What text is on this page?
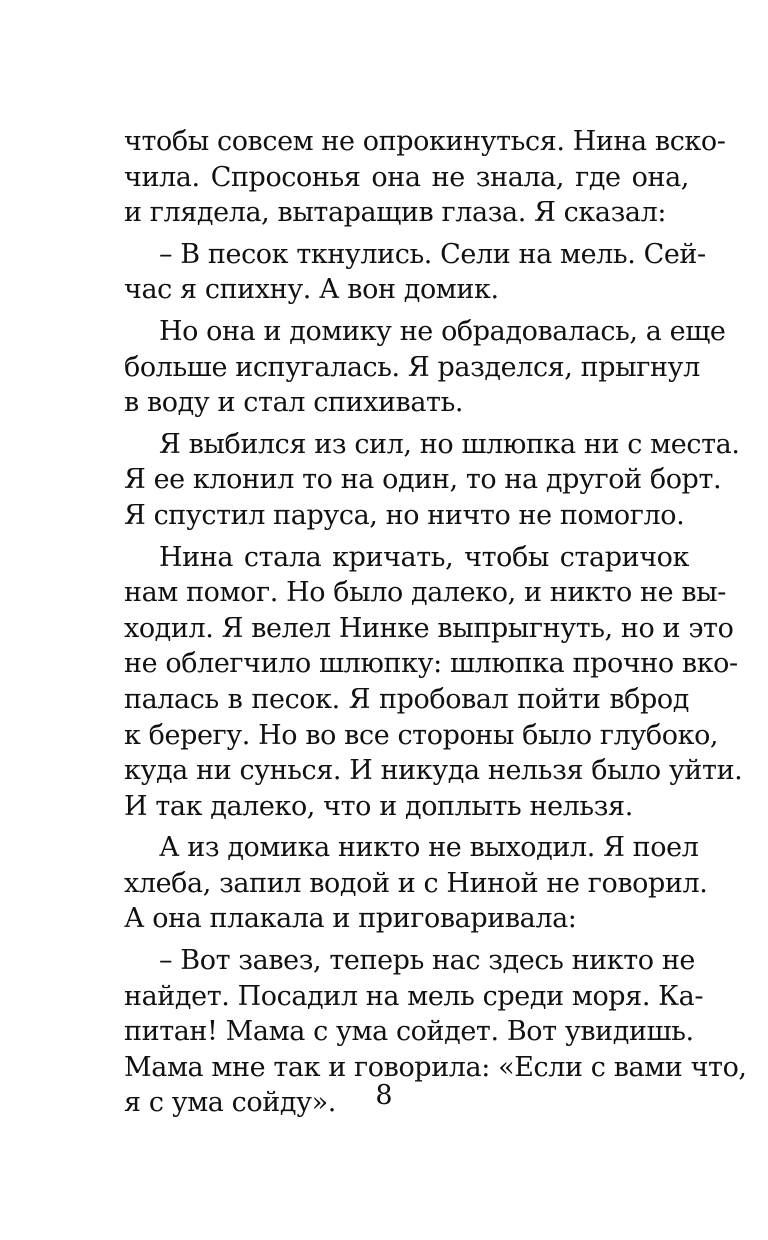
чтобы совсем не опрокинуться. Нина вско-
чила. Спросонья она не знала, где она,
и глядела, вытаращив глаза. Я сказал:
– В песок ткнулись. Сели на мель. Сей-
час я спихну. А вон домик.
Но она и домику не обрадовалась, а еще
больше испугалась. Я разделся, прыгнул
в воду и стал спихивать.
Я выбился из сил, но шлюпка ни с места.
Я ее клонил то на один, то на другой борт.
Я спустил паруса, но ничто не помогло.
Нина стала кричать, чтобы старичок
нам помог. Но было далеко, и никто не вы-
ходил. Я велел Нинке выпрыгнуть, но и это
не облегчило шлюпку: шлюпка прочно вко-
палась в песок. Я пробовал пойти вброд
к берегу. Но во все стороны было глубоко,
куда ни сунься. И никуда нельзя было уйти.
И так далеко, что и доплыть нельзя.
А из домика никто не выходил. Я поел
хлеба, запил водой и с Ниной не говорил.
А она плакала и приговаривала:
– Вот завез, теперь нас здесь никто не
найдет. Посадил на мель среди моря. Ка-
питан! Мама с ума сойдет. Вот увидишь.
Мама мне так и говорила: «Если с вами что,
я с ума сойду».	8
